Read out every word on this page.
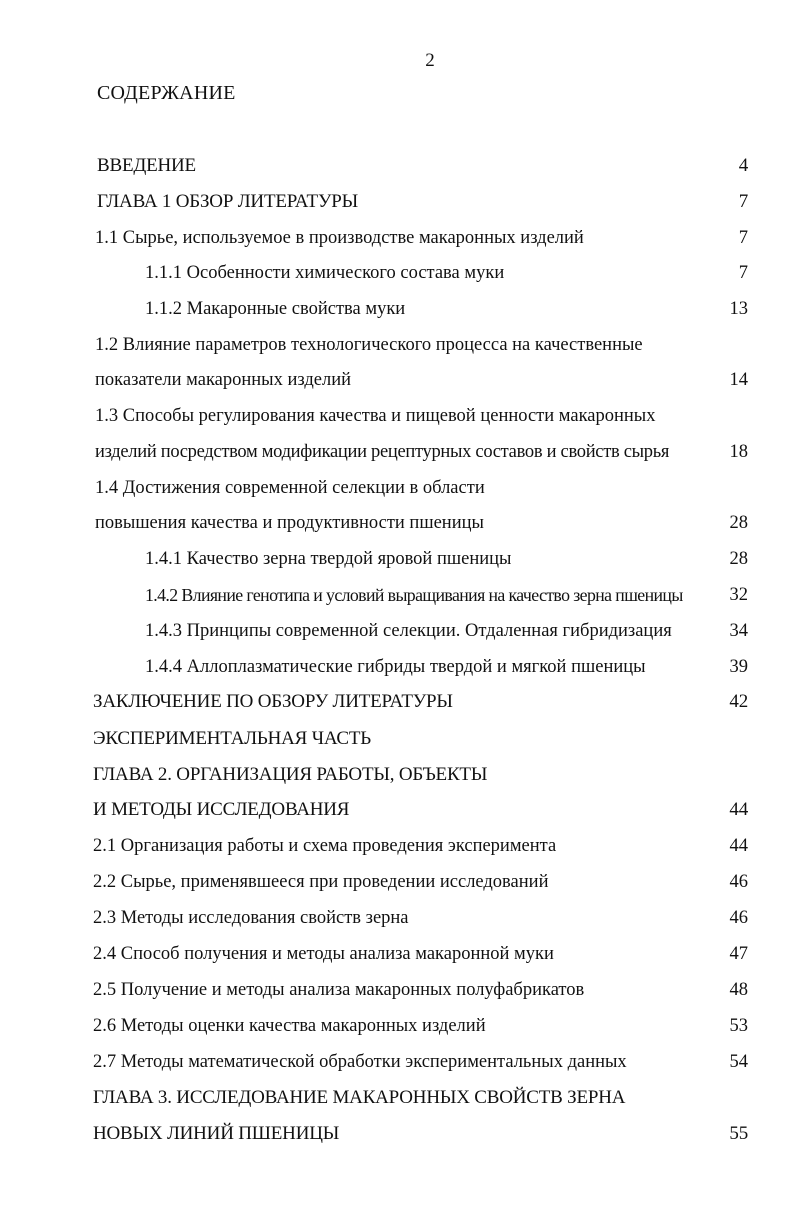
2
СОДЕРЖАНИЕ
ВВЕДЕНИЕ	4
ГЛАВА 1 ОБЗОР ЛИТЕРАТУРЫ	7
1.1 Сырье, используемое в производстве макаронных изделий	7
1.1.1 Особенности химического состава муки	7
1.1.2 Макаронные свойства муки	13
1.2 Влияние параметров технологического процесса на качественные
показатели макаронных изделий	14
1.3 Способы регулирования качества и пищевой ценности макаронных
изделий посредством модификации рецептурных составов и свойств сырья	18
1.4 Достижения современной селекции в области
повышения качества и продуктивности пшеницы	28
1.4.1 Качество зерна твердой яровой пшеницы	28
1.4.2 Влияние генотипа и условий выращивания на качество зерна пшеницы	32
1.4.3 Принципы современной селекции. Отдаленная гибридизация	34
1.4.4 Аллоплазматические гибриды твердой и мягкой пшеницы	39
ЗАКЛЮЧЕНИЕ ПО ОБЗОРУ ЛИТЕРАТУРЫ	42
ЭКСПЕРИМЕНТАЛЬНАЯ ЧАСТЬ
ГЛАВА 2. ОРГАНИЗАЦИЯ РАБОТЫ, ОБЪЕКТЫ
И МЕТОДЫ ИССЛЕДОВАНИЯ	44
2.1 Организация работы и схема проведения эксперимента	44
2.2 Сырье, применявшееся при проведении исследований	46
2.3 Методы исследования свойств зерна	46
2.4 Способ получения и методы анализа макаронной муки	47
2.5 Получение и методы анализа макаронных полуфабрикатов	48
2.6 Методы оценки качества макаронных изделий	53
2.7 Методы математической обработки экспериментальных данных	54
ГЛАВА 3. ИССЛЕДОВАНИЕ МАКАРОННЫХ СВОЙСТВ ЗЕРНА
НОВЫХ ЛИНИЙ ПШЕНИЦЫ	55
